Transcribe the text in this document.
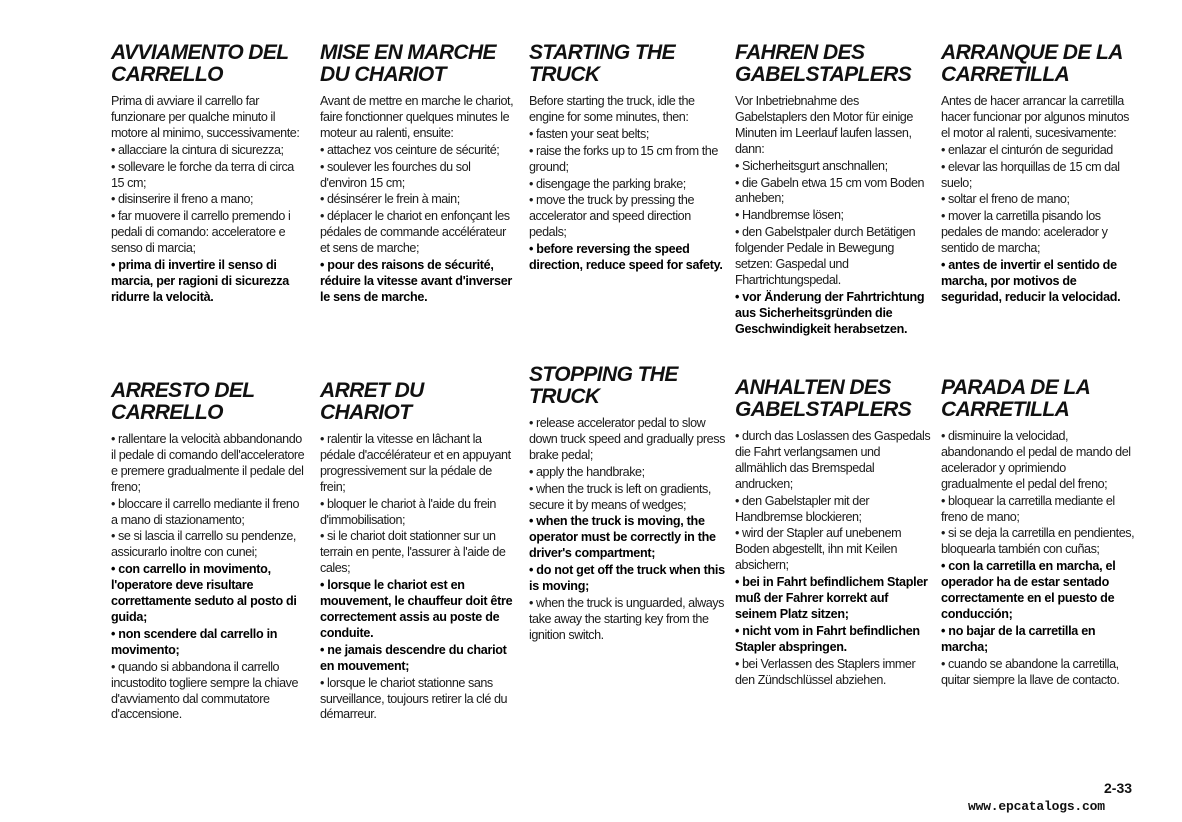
AVVIAMENTO DEL
CARRELLO
Prima di avviare il carrello far funzionare per qualche minuto il motore al minimo, successivamente:
• allacciare la cintura di sicurezza;
• sollevare le forche da terra di circa 15 cm;
• disinserire il freno a mano;
• far muovere il carrello premendo i pedali di comando: acceleratore e senso di marcia;
• prima di invertire il senso di marcia, per ragioni di sicurezza ridurre la velocità.
ARRESTO DEL
CARRELLO
• rallentare la velocità abbandonando il pedale di comando dell'acceleratore e premere gradualmente il pedale del freno;
• bloccare il carrello mediante il freno a mano di stazionamento;
• se si lascia il carrello su pendenze, assicurarlo inoltre con cunei;
• con carrello in movimento, l'operatore deve risultare correttamente seduto al posto di guida;
• non scendere dal carrello in movimento;
• quando si abbandona il carrello incustodito togliere sempre la chiave d'avviamento dal commutatore d'accensione.
MISE EN MARCHE
DU CHARIOT
Avant de mettre en marche le chariot, faire fonctionner quelques minutes le moteur au ralenti, ensuite:
• attachez vos ceinture de sécurité;
• soulever les fourches du sol d'environ 15 cm;
• désinsérer le frein à main;
• déplacer le chariot en enfonçant les pédales de commande accélérateur et sens de marche;
• pour des raisons de sécurité, réduire la vitesse avant d'inverser le sens de marche.
ARRET DU CHARIOT
• ralentir la vitesse en lâchant la pédale d'accélérateur et en appuyant progressivement sur la pédale de frein;
• bloquer le chariot à l'aide du frein d'immobilisation;
• si le chariot doit stationner sur un terrain en pente, l'assurer à l'aide de cales;
• lorsque le chariot est en mouvement, le chauffeur doit être correctement assis au poste de conduite.
• ne jamais descendre du chariot en mouvement;
• lorsque le chariot stationne sans surveillance, toujours retirer la clé du démarreur.
STARTING THE
TRUCK
Before starting the truck, idle the engine for some minutes, then:
• fasten your seat belts;
• raise the forks up to 15 cm from the ground;
• disengage the parking brake;
• move the truck by pressing the accelerator and speed direction pedals;
• before reversing the speed direction, reduce speed for safety.
STOPPING THE
TRUCK
• release accelerator pedal to slow down truck speed and gradually press brake pedal;
• apply the handbrake;
• when the truck is left on gradients, secure it by means of wedges;
• when the truck is moving, the operator must be correctly in the driver's compartment;
• do not get off the truck when this is moving;
• when the truck is unguarded, always take away the starting key from the ignition switch.
FAHREN DES
GABELSTAPLERS
Vor Inbetriebnahme des Gabelstaplers den Motor für einige Minuten im Leerlauf laufen lassen, dann:
• Sicherheitsgurt anschnallen;
• die Gabeln etwa 15 cm vom Boden anheben;
• Handbremse lösen;
• den Gabelstpaler durch Betätigen folgender Pedale in Bewegung setzen: Gaspedal und Fhartrichtungspedal.
• vor Änderung der Fahrtrichtung aus Sicherheitsgründen die Geschwindigkeit herabsetzen.
ANHALTEN DES
GABELSTAPLERS
• durch das Loslassen des Gaspedals die Fahrt verlangsamen und allmählich das Bremspedal andrucken;
• den Gabelstapler mit der Handbremse blockieren;
• wird der Stapler auf unebenem Boden abgestellt, ihn mit Keilen absichern;
• bei in Fahrt befindlichem Stapler muß der Fahrer korrekt auf seinem Platz sitzen;
• nicht vom in Fahrt befindlichen Stapler abspringen.
• bei Verlassen des Staplers immer den Zündschlüssel abziehen.
ARRANQUE DE LA
CARRETILLA
Antes de hacer arrancar la carretilla hacer funcionar por algunos minutos el motor al ralenti, sucesivamente:
• enlazar el cinturón de seguridad
• elevar las horquillas de 15 cm dal suelo;
• soltar el freno de mano;
• mover la carretilla pisando los pedales de mando: acelerador y sentido de marcha;
• antes de invertir el sentido de marcha, por motivos de seguridad, reducir la velocidad.
PARADA DE LA
CARRETILLA
• disminuire la velocidad, abandonando el pedal de mando del acelerador y oprimiendo gradualmente el pedal del freno;
• bloquear la carretilla mediante el freno de mano;
• si se deja la carretilla en pendientes, bloquearla también con cuñas;
• con la carretilla en marcha, el operador ha de estar sentado correctamente en el puesto de conducción;
• no bajar de la carretilla en marcha;
• cuando se abandone la carretilla, quitar siempre la llave de contacto.
2-33
www.epcatalogs.com
